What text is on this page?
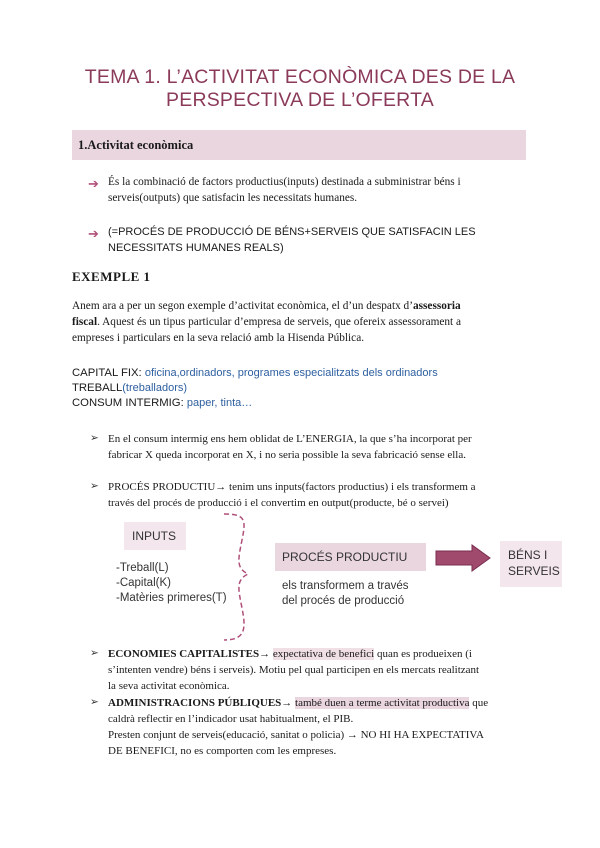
TEMA 1. L’ACTIVITAT ECONÒMICA DES DE LA
PERSPECTIVA DE L’OFERTA
1.Activitat econòmica
➔ És la combinació de factors productius(inputs) destinada a subministrar béns i
serveis(outputs) que satisfacin les necessitats humanes.
➔ (=PROCÉS DE PRODUCCIÓ DE BÉNS+SERVEIS QUE SATISFACIN LES
NECESSITATS HUMANES REALS)
EXEMPLE 1
Anem ara a per un segon exemple d’activitat econòmica, el d’un despatx d’assessoria
fiscal. Aquest és un tipus particular d’empresa de serveis, que ofereix assessorament a
empreses i particulars en la seva relació amb la Hisenda Pública.
CAPITAL FIX: oficina,ordinadors, programes especialitzats dels ordinadors
TREBALL(treballadors)
CONSUM INTERMIG: paper, tinta…
➢ En el consum intermig ens hem oblidat de L’ENERGIA, la que s’ha incorporat per
fabricar X queda incorporat en X, i no seria possible la seva fabricació sense ella.
➢ PROCÉS PRODUCTIU→ tenim uns inputs(factors productius) i els transformem a
través del procés de producció i el convertim en output(producte, bé o servei)
INPUTS
-Treball(L)
-Capital(K)
-Matèries primeres(T)
PROCÉS PRODUCTIU
els transformem a través
del procés de producció
BÉNS I
SERVEIS
➢ ECONOMIES CAPITALISTES→ expectativa de benefici quan es produeixen (i
s’intenten vendre) béns i serveis). Motiu pel qual participen en els mercats realitzant
la seva activitat econòmica.
➢ ADMINISTRACIONS PÚBLIQUES→ també duen a terme activitat productiva que
caldrà reflectir en l’indicador usat habitualment, el PIB.
Presten conjunt de serveis(educació, sanitat o policia) → NO HI HA EXPECTATIVA
DE BENEFICI, no es comporten com les empreses.
